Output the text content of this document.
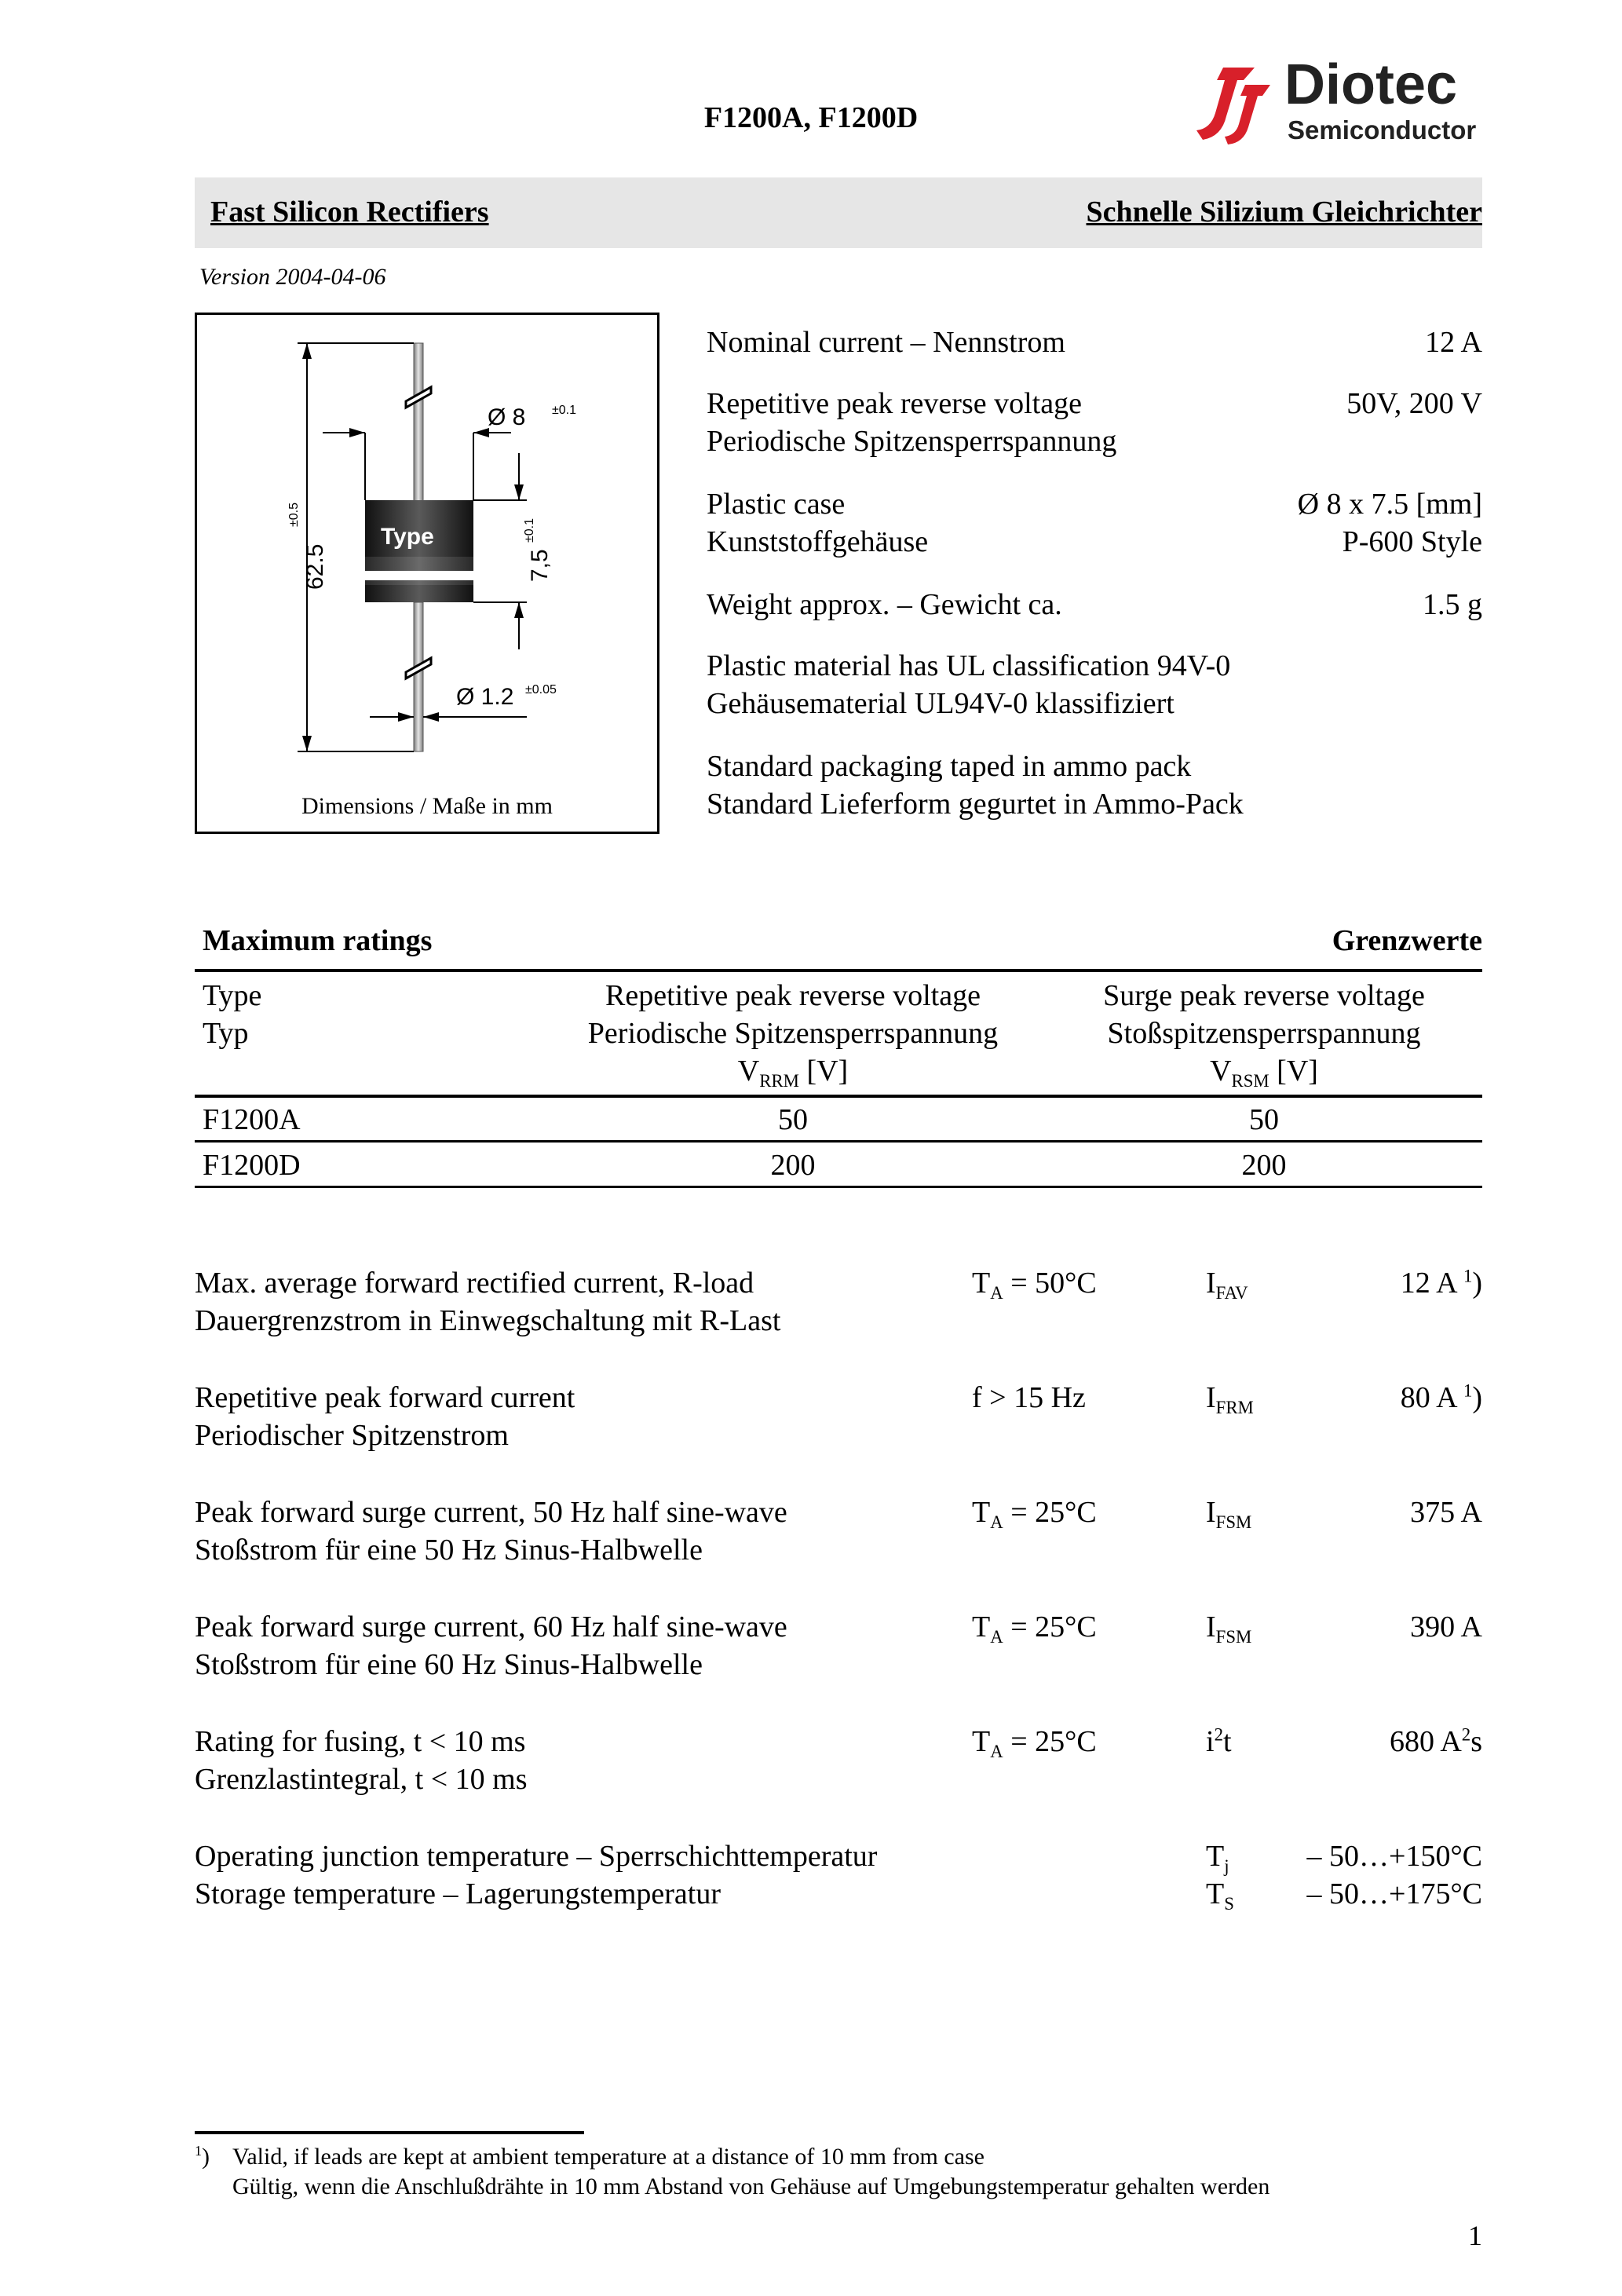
F1200A, F1200D
Diotec
Semiconductor
Fast Silicon Rectifiers	Schnelle Silizium Gleichrichter
Version 2004-04-06
Type
62.5
±0.5
Ø 8 ±0.1
7,5
±0.1
Ø 1.2 ±0.05
Dimensions / Maße in mm
Nominal current – Nennstrom	12 A
Repetitive peak reverse voltage	50V, 200 V
Periodische Spitzensperrspannung
Plastic case	Ø 8 x 7.5 [mm]
Kunststoffgehäuse	P-600 Style
Weight approx. – Gewicht ca.	1.5 g
Plastic material has UL classification 94V-0
Gehäusematerial UL94V-0 klassifiziert
Standard packaging taped in ammo pack
Standard Lieferform gegurtet in Ammo-Pack
Maximum ratings	Grenzwerte
Type
Typ
Repetitive peak reverse voltage
Periodische Spitzensperrspannung
$V_{RRM}$ [V]
Surge peak reverse voltage
Stoßspitzensperrspannung
$V_{RSM}$ [V]
F1200A	50	50
F1200D	200	200
Max. average forward rectified current, R-load
Dauergrenzstrom in Einwegschaltung mit R-Last
$T_A = 50^\circ C$	$I_{FAV}$	12 A $^1$)
Repetitive peak forward current
Periodischer Spitzenstrom
f > 15 Hz	$I_{FRM}$	80 A $^1$)
Peak forward surge current, 50 Hz half sine-wave
Stoßstrom für eine 50 Hz Sinus-Halbwelle
$T_A = 25^\circ C$	$I_{FSM}$	375 A
Peak forward surge current, 60 Hz half sine-wave
Stoßstrom für eine 60 Hz Sinus-Halbwelle
$T_A = 25^\circ C$	$I_{FSM}$	390 A
Rating for fusing, t < 10 ms
Grenzlastintegral, t < 10 ms
$T_A = 25^\circ C$	$i^2t$	680 $A^2s$
Operating junction temperature – Sperrschichttemperatur	$T_j$	– 50…+150°C
Storage temperature – Lagerungstemperatur	$T_S$ – 50…+175°C
$^1$) Valid, if leads are kept at ambient temperature at a distance of 10 mm from case
Gültig, wenn die Anschlußdrähte in 10 mm Abstand von Gehäuse auf Umgebungstemperatur gehalten werden
1
